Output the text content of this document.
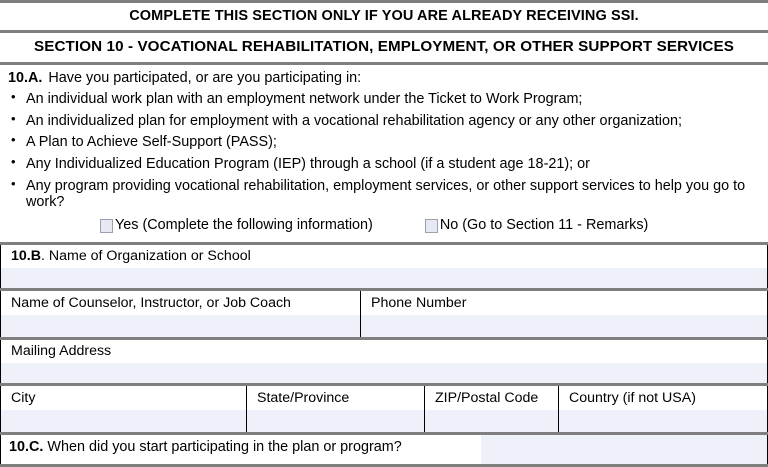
COMPLETE THIS SECTION ONLY IF YOU ARE ALREADY RECEIVING SSI.
SECTION 10 - VOCATIONAL REHABILITATION, EMPLOYMENT, OR OTHER SUPPORT SERVICES

10.A. Have you participated, or are you participating in:

• An individual work plan with an employment network under the Ticket to Work Program;
• An individualized plan for employment with a vocational rehabilitation agency or any other organization;
• A Plan to Achieve Self-Support (PASS);
• Any Individualized Education Program (IEP) through a school (if a student age 18-21); or
• Any program providing vocational rehabilitation, employment services, or other support services to help you go to work?
Yes (Complete the following information)	No (Go to Section 11 - Remarks)
10.B. Name of Organization or School
Name of Counselor, Instructor, or Job Coach	Phone Number
Mailing Address
City	State/Province	ZIP/Postal Code	Country (if not USA)
10.C. When did you start participating in the plan or program?
